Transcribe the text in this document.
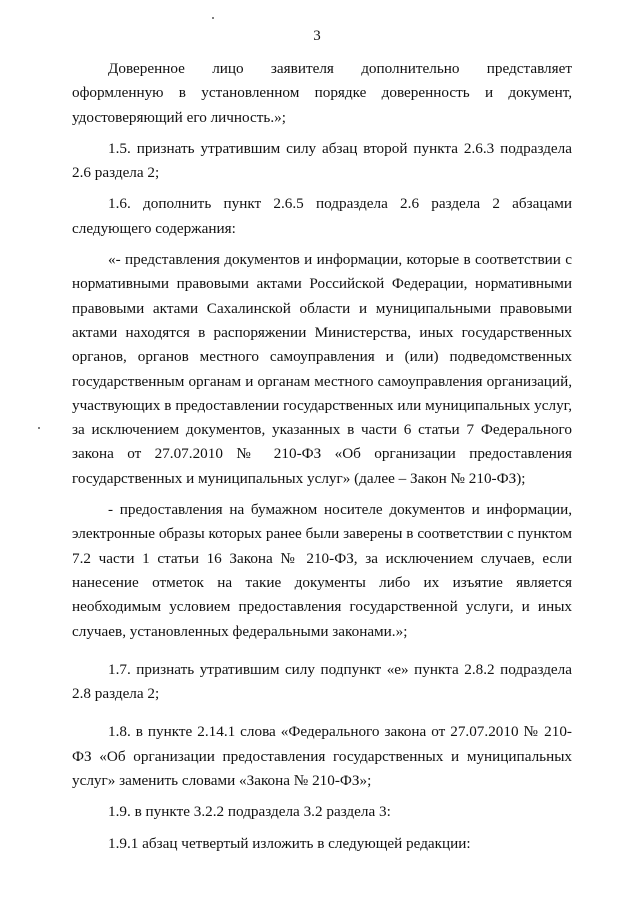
3

Доверенное лицо заявителя дополнительно представляет оформленную в установленном порядке доверенность и документ, удостоверяющий его личность.»;

1.5. признать утратившим силу абзац второй пункта 2.6.3 подраздела 2.6 раздела 2;

1.6. дополнить пункт 2.6.5 подраздела 2.6 раздела 2 абзацами следующего содержания:

«- представления документов и информации, которые в соответствии с нормативными правовыми актами Российской Федерации, нормативными правовыми актами Сахалинской области и муниципальными правовыми актами находятся в распоряжении Министерства, иных государственных органов, органов местного самоуправления и (или) подведомственных государственным органам и органам местного самоуправления организаций, участвующих в предоставлении государственных или муниципальных услуг, за исключением документов, указанных в части 6 статьи 7 Федерального закона от 27.07.2010 № 210-ФЗ «Об организации предоставления государственных и муниципальных услуг» (далее – Закон № 210-ФЗ);

- предоставления на бумажном носителе документов и информации, электронные образы которых ранее были заверены в соответствии с пунктом 7.2 части 1 статьи 16 Закона № 210-ФЗ, за исключением случаев, если нанесение отметок на такие документы либо их изъятие является необходимым условием предоставления государственной услуги, и иных случаев, установленных федеральными законами.»;

1.7. признать утратившим силу подпункт «е» пункта 2.8.2 подраздела 2.8 раздела 2;

1.8. в пункте 2.14.1 слова «Федерального закона от 27.07.2010 № 210-ФЗ «Об организации предоставления государственных и муниципальных услуг» заменить словами «Закона № 210-ФЗ»;

1.9. в пункте 3.2.2 подраздела 3.2 раздела 3:

1.9.1 абзац четвертый изложить в следующей редакции:
